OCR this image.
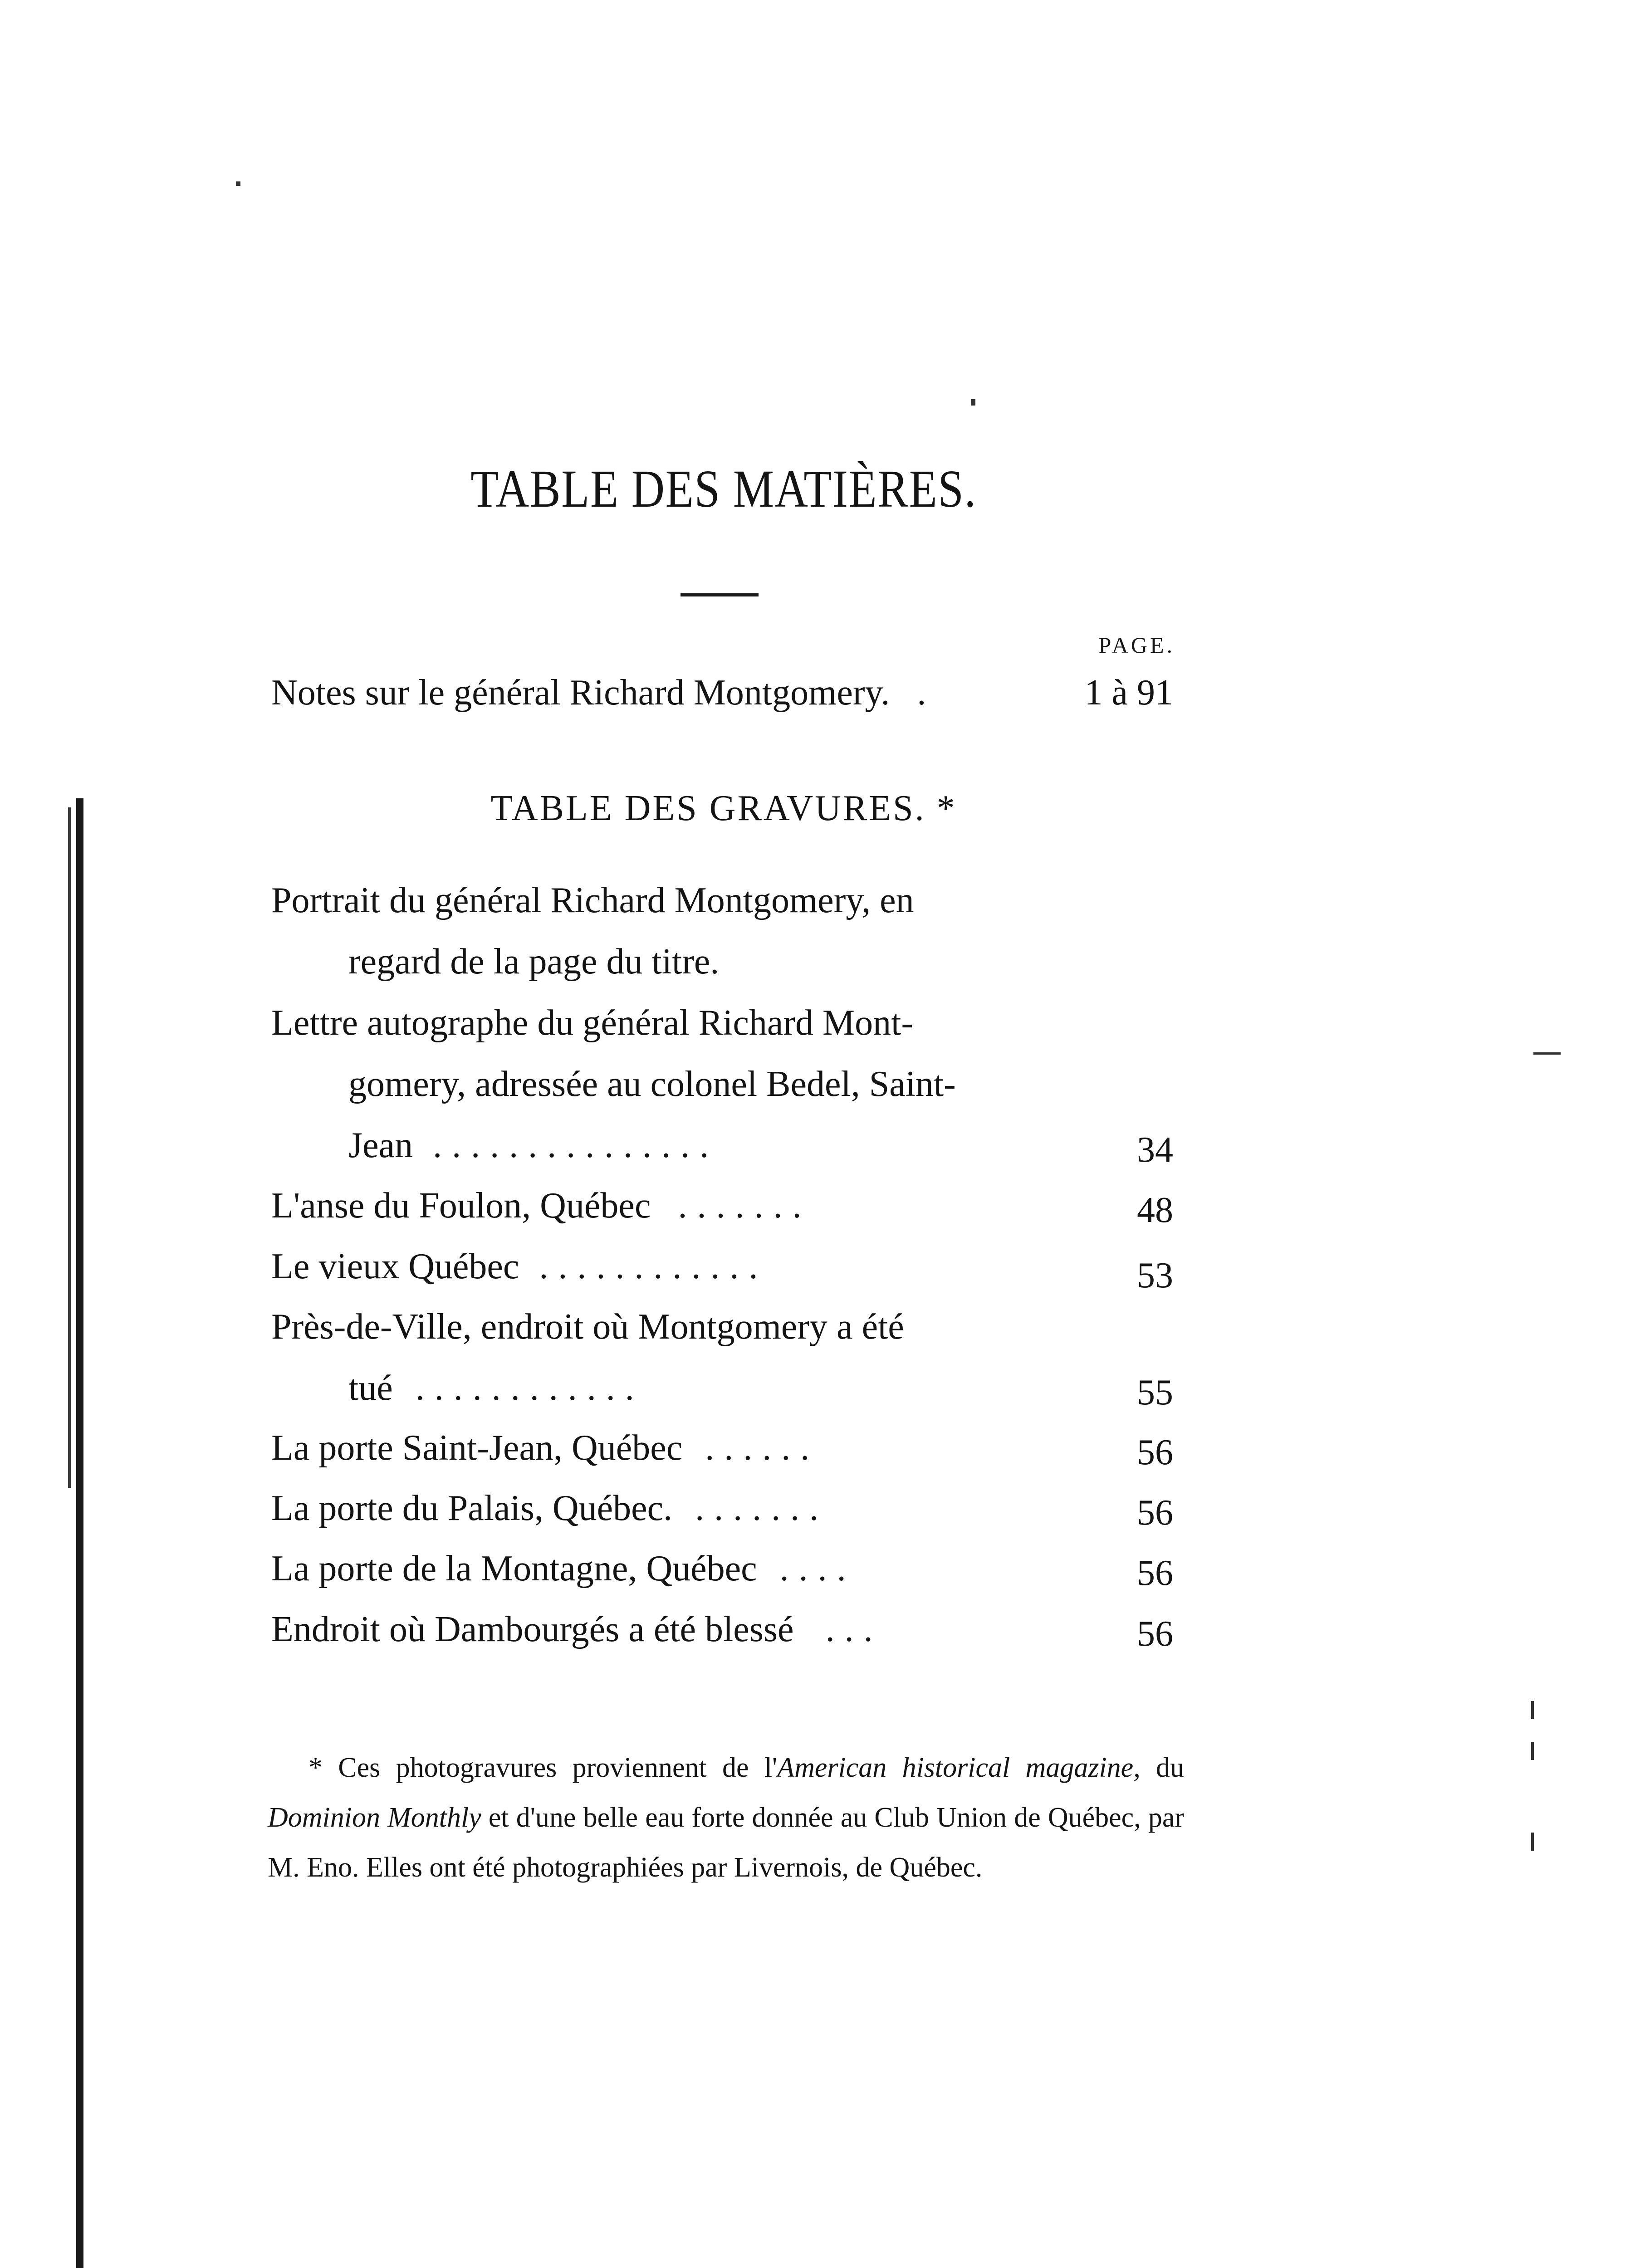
TABLE DES MATIÈRES.
PAGE.
Notes sur le général Richard Montgomery. .	1 à 91
TABLE DES GRAVURES. *
Portrait du général Richard Montgomery, en
regard de la page du titre.
Lettre autographe du général Richard Mont-
gomery, adressée au colonel Bedel, Saint-
Jean ...............	34
L'anse du Foulon, Québec .......	48
Le vieux Québec ............	53
Près-de-Ville, endroit où Montgomery a été
tué ............	55
La porte Saint-Jean, Québec ......	56
La porte du Palais, Québec. .......	56
La porte de la Montagne, Québec ....	56
Endroit où Dambourgés a été blessé ...	56

* Ces photogravures proviennent de l'American historical magazine, du Dominion Monthly et d'une belle eau forte donnée au Club Union de Québec, par M. Eno. Elles ont été photographiées par Livernois, de Québec.
